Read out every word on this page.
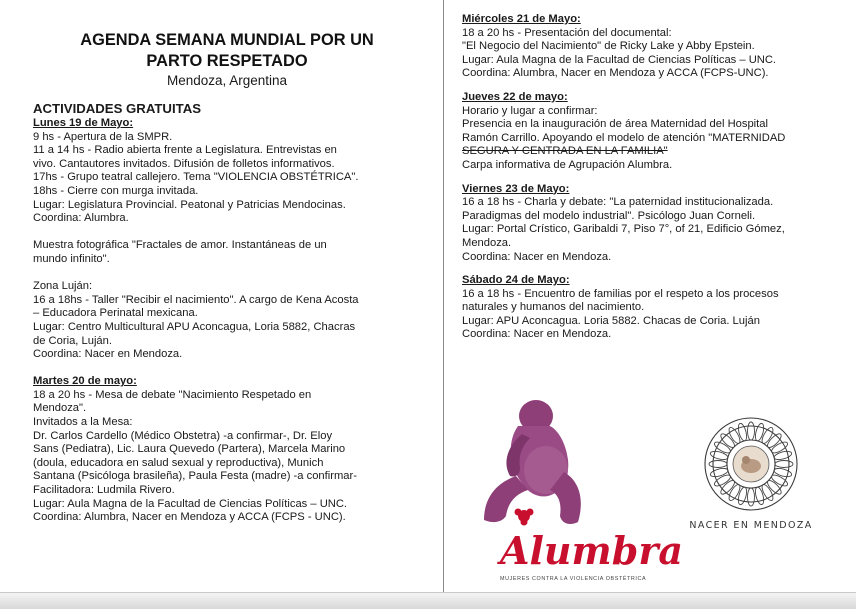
AGENDA SEMANA MUNDIAL POR UN
PARTO RESPETADO
Mendoza, Argentina
ACTIVIDADES GRATUITAS
Lunes 19 de Mayo:
9 hs - Apertura de la SMPR.
11 a 14 hs - Radio abierta frente a Legislatura. Entrevistas en
vivo. Cantautores invitados. Difusión de folletos informativos.
17hs - Grupo teatral callejero. Tema "VIOLENCIA OBSTÉTRICA".
18hs - Cierre con murga invitada.
Lugar: Legislatura Provincial. Peatonal y Patricias Mendocinas.
Coordina: Alumbra.
Muestra fotográfica "Fractales de amor. Instantáneas de un
mundo infinito".
Zona Luján:
16 a 18hs - Taller "Recibir el nacimiento". A cargo de Kena Acosta
– Educadora Perinatal mexicana.
Lugar: Centro Multicultural APU Aconcagua, Loria 5882, Chacras
de Coria, Luján.
Coordina: Nacer en Mendoza.
Martes 20 de mayo:
18 a 20 hs - Mesa de debate "Nacimiento Respetado en
Mendoza".
Invitados a la Mesa:
Dr. Carlos Cardello (Médico Obstetra) -a confirmar-, Dr. Eloy
Sans (Pediatra), Lic. Laura Quevedo (Partera), Marcela Marino
(doula, educadora en salud sexual y reproductiva), Munich
Santana (Psicóloga brasileña), Paula Festa (madre) -a confirmar-
Facilitadora: Ludmila Rivero.
Lugar: Aula Magna de la Facultad de Ciencias Políticas – UNC.
Coordina: Alumbra, Nacer en Mendoza y ACCA (FCPS - UNC).
Miércoles 21 de Mayo:
18 a 20 hs - Presentación del documental:
"El Negocio del Nacimiento" de Ricky Lake y Abby Epstein.
Lugar: Aula Magna de la Facultad de Ciencias Políticas – UNC.
Coordina: Alumbra, Nacer en Mendoza y ACCA (FCPS-UNC).
Jueves 22 de mayo:
Horario y lugar a confirmar:
Presencia en la inauguración de área Maternidad del Hospital
Ramón Carrillo. Apoyando el modelo de atención "MATERNIDAD
SEGURA Y CENTRADA EN LA FAMILIA"
Carpa informativa de Agrupación Alumbra.
Viernes 23 de Mayo:
16 a 18 hs - Charla y debate: "La paternidad institucionalizada.
Paradigmas del modelo industrial". Psicólogo Juan Corneli.
Lugar: Portal Crístico, Garibaldi 7, Piso 7°, of 21, Edificio Gómez,
Mendoza.
Coordina: Nacer en Mendoza.
Sábado 24 de Mayo:
16 a 18 hs - Encuentro de familias por el respeto a los procesos
naturales y humanos del nacimiento.
Lugar: APU Aconcagua. Loria 5882. Chacas de Coria. Luján
Coordina: Nacer en Mendoza.
Alumbra
MUJERES CONTRA LA VIOLENCIA OBSTÉTRICA
NACER EN MENDOZA
